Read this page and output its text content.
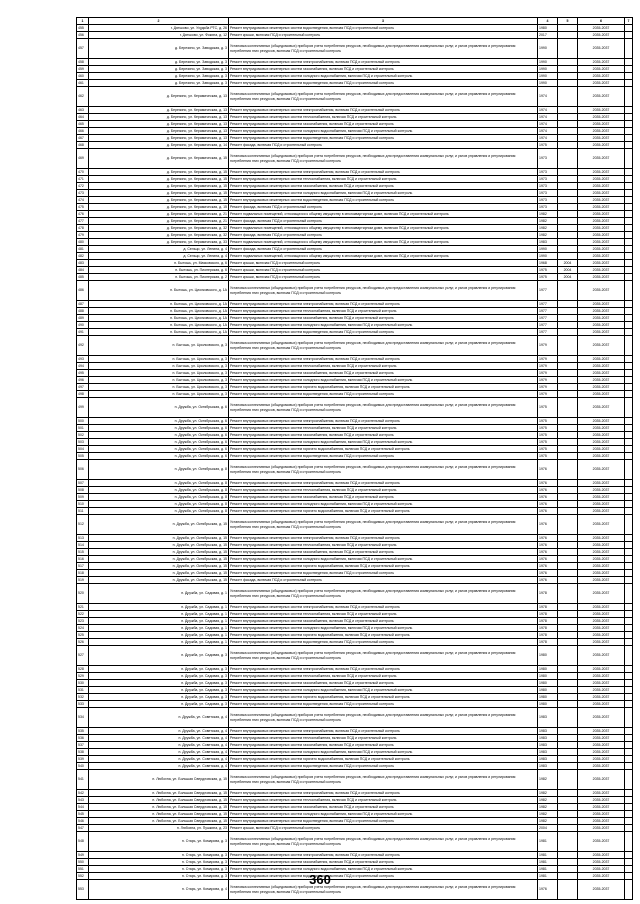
1	2	3	4	5	6	7
455	г. Дятьково, ул. Ухудьба РТС, д. 26	Ремонт внутридомовых инженерных систем водоотведения, включая ПСД и строительный контроль	1980		2035-2037	
456	г. Дятьково, ул. Фокина, д. 12	Ремонт крыши, включая ПСД и строительный контроль	2017		2035-2037	
457	д. Березино, ул. Заводская, д. 3	Установка коллективных (общедомовых) приборов учета потребления ресурсов, необходимых для предоставления коммунальных услуг, и узлов управления и регулирования потребления этих ресурсов, включая ПСД и строительный контроль	1990		2035-2037	
458	д. Березино, ул. Заводская, д. 3	Ремонт внутридомовых инженерных систем электроснабжения, включая ПСД и строительный контроль	1990		2035-2037	
459	д. Березино, ул. Заводская, д. 3	Ремонт внутридомовых инженерных систем газоснабжения, включая ПСД и строительный контроль	1990		2035-2037	
460	д. Березино, ул. Заводская, д. 3	Ремонт внутридомовых инженерных систем холодного водоснабжения, включая ПСД и строительный контроль	1990		2035-2037	
461	д. Березино, ул. Заводская, д. 3	Ремонт внутридомовых инженерных систем водоотведения, включая ПСД и строительный контроль	1990		2035-2037	
462	д. Березино, ул. Керамическая, д. 13	Установка коллективных (общедомовых) приборов учета потребления ресурсов, необходимых для предоставления коммунальных услуг, и узлов управления и регулирования потребления этих ресурсов, включая ПСД и строительный контроль	1974		2035-2037	
463	д. Березино, ул. Керамическая, д. 13	Ремонт внутридомовых инженерных систем электроснабжения, включая ПСД и строительный контроль	1974		2035-2037	
464	д. Березино, ул. Керамическая, д. 13	Ремонт внутридомовых инженерных систем теплоснабжения, включая ПСД и строительный контроль	1974		2035-2037	
465	д. Березино, ул. Керамическая, д. 13	Ремонт внутридомовых инженерных систем газоснабжения, включая ПСД и строительный контроль	1974		2035-2037	
466	д. Березино, ул. Керамическая, д. 13	Ремонт внутридомовых инженерных систем холодного водоснабжения, включая ПСД и строительный контроль	1974		2035-2037	
467	д. Березино, ул. Керамическая, д. 13	Ремонт внутридомовых инженерных систем водоотведения, включая ПСД и строительный контроль	1974		2035-2037	
468	д. Березино, ул. Керамическая, д. 14	Ремонт фасада, включая ПСД и строительный контроль	1975		2035-2037	
469	д. Березино, ул. Керамическая, д. 15	Установка коллективных (общедомовых) приборов учета потребления ресурсов, необходимых для предоставления коммунальных услуг, и узлов управления и регулирования потребления этих ресурсов, включая ПСД и строительный контроль	1973		2035-2037	
470	д. Березино, ул. Керамическая, д. 15	Ремонт внутридомовых инженерных систем электроснабжения, включая ПСД и строительный контроль	1973		2035-2037	
471	д. Березино, ул. Керамическая, д. 15	Ремонт внутридомовых инженерных систем теплоснабжения, включая ПСД и строительный контроль	1973		2035-2037	
472	д. Березино, ул. Керамическая, д. 15	Ремонт внутридомовых инженерных систем газоснабжения, включая ПСД и строительный контроль	1973		2035-2037	
473	д. Березино, ул. Керамическая, д. 15	Ремонт внутридомовых инженерных систем холодного водоснабжения, включая ПСД и строительный контроль	1973		2035-2037	
474	д. Березино, ул. Керамическая, д. 15	Ремонт внутридомовых инженерных систем водоотведения, включая ПСД и строительный контроль	1973		2035-2037	
475	д. Березино, ул. Керамическая, д. 15	Ремонт фасада, включая ПСД и строительный контроль	1973		2035-2037	
476	д. Березино, ул. Керамическая, д. 21	Ремонт подвальных помещений, относящихся к общему имуществу в многоквартирном доме, включая ПСД и строительный контроль	1982		2035-2037	
477	д. Березино, ул. Керамическая, д. 21	Ремонт фасада, включая ПСД и строительный контроль	1982		2035-2037	
478	д. Березино, ул. Керамическая, д. 32	Ремонт подвальных помещений, относящихся к общему имуществу в многоквартирном доме, включая ПСД и строительный контроль	1982		2035-2037	
479	д. Березино, ул. Керамическая, д. 32	Ремонт фасада, включая ПСД и строительный контроль	1982		2035-2037	
480	д. Березино, ул. Керамическая, д. 33	Ремонт подвальных помещений, относящихся к общему имуществу в многоквартирном доме, включая ПСД и строительный контроль	1983		2035-2037	
481	д. Сельцо, ул. Ленина, д. 4	Ремонт фасада, включая ПСД и строительный контроль	1990		2035-2037	
482	д. Сельцо, ул. Ленина, д. 4	Ремонт подвальных помещений, относящихся к общему имуществу в многоквартирном доме, включая ПСД и строительный контроль	1990		2035-2037	
483	п. Бытошь, ул. Маяковского, д. 6	Ремонт крыши, включая ПСД и строительный контроль	1968	2004	2035-2037	
484	п. Бытошь, ул. Пионерская, д. 6	Ремонт крыши, включая ПСД и строительный контроль	1975	2004	2035-2037	
485	п. Бытошь, ул. Пионерская, д. 2	Ремонт крыши, включая ПСД и строительный контроль	1975	2004	2035-2037	
486	п. Бытошь, ул. Циолковского, д. 1А	Установка коллективных (общедомовых) приборов учета потребления ресурсов, необходимых для предоставления коммунальных услуг, и узлов управления и регулирования потребления этих ресурсов, включая ПСД и строительный контроль	1977		2035-2037	
487	п. Бытошь, ул. Циолковского, д. 1А	Ремонт внутридомовых инженерных систем электроснабжения, включая ПСД и строительный контроль	1977		2035-2037	
488	п. Бытошь, ул. Циолковского, д. 1А	Ремонт внутридомовых инженерных систем теплоснабжения, включая ПСД и строительный контроль	1977		2035-2037	
489	п. Бытошь, ул. Циолковского, д. 1А	Ремонт внутридомовых инженерных систем газоснабжения, включая ПСД и строительный контроль	1977		2035-2037	
490	п. Бытошь, ул. Циолковского, д. 1А	Ремонт внутридомовых инженерных систем холодного водоснабжения, включая ПСД и строительный контроль	1977		2035-2037	
491	п. Бытошь, ул. Циолковского, д. 1А	Ремонт внутридомовых инженерных систем водоотведения, включая ПСД и строительный контроль	1977		2035-2037	
492	п. Бытошь, ул. Циолковского, д. 3	Установка коллективных (общедомовых) приборов учета потребления ресурсов, необходимых для предоставления коммунальных услуг, и узлов управления и регулирования потребления этих ресурсов, включая ПСД и строительный контроль	1979		2035-2037	
493	п. Бытошь, ул. Циолковского, д. 3	Ремонт внутридомовых инженерных систем электроснабжения, включая ПСД и строительный контроль	1979		2035-2037	
494	п. Бытошь, ул. Циолковского, д. 3	Ремонт внутридомовых инженерных систем теплоснабжения, включая ПСД и строительный контроль	1979		2035-2037	
495	п. Бытошь, ул. Циолковского, д. 3	Ремонт внутридомовых инженерных систем газоснабжения, включая ПСД и строительный контроль	1979		2035-2037	
496	п. Бытошь, ул. Циолковского, д. 3	Ремонт внутридомовых инженерных систем холодного водоснабжения, включая ПСД и строительный контроль	1979		2035-2037	
497	п. Бытошь, ул. Циолковского, д. 3	Ремонт внутридомовых инженерных систем горячего водоснабжения, включая ПСД и строительный контроль	1979		2035-2037	
498	п. Бытошь, ул. Циолковского, д. 3	Ремонт внутридомовых инженерных систем водоотведения, включая ПСД и строительный контроль	1979		2035-2037	
499	п. Дружба, ул. Октябрьская, д. 6	Установка коллективных (общедомовых) приборов учета потребления ресурсов, необходимых для предоставления коммунальных услуг, и узлов управления и регулирования потребления этих ресурсов, включая ПСД и строительный контроль	1975		2035-2037	
500	п. Дружба, ул. Октябрьская, д. 6	Ремонт внутридомовых инженерных систем электроснабжения, включая ПСД и строительный контроль	1975		2035-2037	
501	п. Дружба, ул. Октябрьская, д. 6	Ремонт внутридомовых инженерных систем теплоснабжения, включая ПСД и строительный контроль	1975		2035-2037	
502	п. Дружба, ул. Октябрьская, д. 6	Ремонт внутридомовых инженерных систем газоснабжения, включая ПСД и строительный контроль	1975		2035-2037	
503	п. Дружба, ул. Октябрьская, д. 6	Ремонт внутридомовых инженерных систем холодного водоснабжения, включая ПСД и строительный контроль	1975		2035-2037	
504	п. Дружба, ул. Октябрьская, д. 6	Ремонт внутридомовых инженерных систем горячего водоснабжения, включая ПСД и строительный контроль	1975		2035-2037	
505	п. Дружба, ул. Октябрьская, д. 6	Ремонт внутридомовых инженерных систем водоотведения, включая ПСД и строительный контроль	1975		2035-2037	
506	п. Дружба, ул. Октябрьская, д. 8	Установка коллективных (общедомовых) приборов учета потребления ресурсов, необходимых для предоставления коммунальных услуг, и узлов управления и регулирования потребления этих ресурсов, включая ПСД и строительный контроль	1976		2035-2037	
507	п. Дружба, ул. Октябрьская, д. 8	Ремонт внутридомовых инженерных систем электроснабжения, включая ПСД и строительный контроль	1976		2035-2037	
508	п. Дружба, ул. Октябрьская, д. 8	Ремонт внутридомовых инженерных систем теплоснабжения, включая ПСД и строительный контроль	1976		2035-2037	
509	п. Дружба, ул. Октябрьская, д. 8	Ремонт внутридомовых инженерных систем газоснабжения, включая ПСД и строительный контроль	1976		2035-2037	
510	п. Дружба, ул. Октябрьская, д. 8	Ремонт внутридомовых инженерных систем холодного водоснабжения, включая ПСД и строительный контроль	1976		2035-2037	
511	п. Дружба, ул. Октябрьская, д. 8	Ремонт внутридомовых инженерных систем горячего водоснабжения, включая ПСД и строительный контроль	1976		2035-2037	
512	п. Дружба, ул. Октябрьская, д. 15	Установка коллективных (общедомовых) приборов учета потребления ресурсов, необходимых для предоставления коммунальных услуг, и узлов управления и регулирования потребления этих ресурсов, включая ПСД и строительный контроль	1976		2035-2037	
513	п. Дружба, ул. Октябрьская, д. 15	Ремонт внутридомовых инженерных систем электроснабжения, включая ПСД и строительный контроль	1976		2035-2037	
514	п. Дружба, ул. Октябрьская, д. 15	Ремонт внутридомовых инженерных систем теплоснабжения, включая ПСД и строительный контроль	1976		2035-2037	
515	п. Дружба, ул. Октябрьская, д. 15	Ремонт внутридомовых инженерных систем газоснабжения, включая ПСД и строительный контроль	1976		2035-2037	
516	п. Дружба, ул. Октябрьская, д. 15	Ремонт внутридомовых инженерных систем холодного водоснабжения, включая ПСД и строительный контроль	1976		2035-2037	
517	п. Дружба, ул. Октябрьская, д. 15	Ремонт внутридомовых инженерных систем горячего водоснабжения, включая ПСД и строительный контроль	1976		2035-2037	
518	п. Дружба, ул. Октябрьская, д. 15	Ремонт внутридомовых инженерных систем водоотведения, включая ПСД и строительный контроль	1976		2035-2037	
519	п. Дружба, ул. Октябрьская, д. 15	Ремонт фасада, включая ПСД и строительный контроль	1976		2035-2037	
520	п. Дружба, ул. Садовая, д. 1	Установка коллективных (общедомовых) приборов учета потребления ресурсов, необходимых для предоставления коммунальных услуг, и узлов управления и регулирования потребления этих ресурсов, включая ПСД и строительный контроль	1978		2035-2037	
521	п. Дружба, ул. Садовая, д. 1	Ремонт внутридомовых инженерных систем электроснабжения, включая ПСД и строительный контроль	1978		2035-2037	
522	п. Дружба, ул. Садовая, д. 1	Ремонт внутридомовых инженерных систем теплоснабжения, включая ПСД и строительный контроль	1978		2035-2037	
523	п. Дружба, ул. Садовая, д. 1	Ремонт внутридомовых инженерных систем газоснабжения, включая ПСД и строительный контроль	1978		2035-2037	
524	п. Дружба, ул. Садовая, д. 1	Ремонт внутридомовых инженерных систем холодного водоснабжения, включая ПСД и строительный контроль	1978		2035-2037	
525	п. Дружба, ул. Садовая, д. 1	Ремонт внутридомовых инженерных систем горячего водоснабжения, включая ПСД и строительный контроль	1978		2035-2037	
526	п. Дружба, ул. Садовая, д. 1	Ремонт внутридомовых инженерных систем водоотведения, включая ПСД и строительный контроль	1978		2035-2037	
527	п. Дружба, ул. Садовая, д. 3	Установка коллективных (общедомовых) приборов учета потребления ресурсов, необходимых для предоставления коммунальных услуг, и узлов управления и регулирования потребления этих ресурсов, включая ПСД и строительный контроль	1980		2035-2037	
528	п. Дружба, ул. Садовая, д. 3	Ремонт внутридомовых инженерных систем электроснабжения, включая ПСД и строительный контроль	1980		2035-2037	
529	п. Дружба, ул. Садовая, д. 3	Ремонт внутридомовых инженерных систем теплоснабжения, включая ПСД и строительный контроль	1980		2035-2037	
530	п. Дружба, ул. Садовая, д. 3	Ремонт внутридомовых инженерных систем газоснабжения, включая ПСД и строительный контроль	1980		2035-2037	
531	п. Дружба, ул. Садовая, д. 3	Ремонт внутридомовых инженерных систем холодного водоснабжения, включая ПСД и строительный контроль	1980		2035-2037	
532	п. Дружба, ул. Садовая, д. 3	Ремонт внутридомовых инженерных систем горячего водоснабжения, включая ПСД и строительный контроль	1980		2035-2037	
533	п. Дружба, ул. Садовая, д. 3	Ремонт внутридомовых инженерных систем водоотведения, включая ПСД и строительный контроль	1980		2035-2037	
534	п. Дружба, ул. Советская, д. 4	Установка коллективных (общедомовых) приборов учета потребления ресурсов, необходимых для предоставления коммунальных услуг, и узлов управления и регулирования потребления этих ресурсов, включая ПСД и строительный контроль	1983		2035-2037	
535	п. Дружба, ул. Советская, д. 4	Ремонт внутридомовых инженерных систем электроснабжения, включая ПСД и строительный контроль	1983		2035-2037	
536	п. Дружба, ул. Советская, д. 4	Ремонт внутридомовых инженерных систем теплоснабжения, включая ПСД и строительный контроль	1983		2035-2037	
537	п. Дружба, ул. Советская, д. 4	Ремонт внутридомовых инженерных систем газоснабжения, включая ПСД и строительный контроль	1983		2035-2037	
538	п. Дружба, ул. Советская, д. 4	Ремонт внутридомовых инженерных систем холодного водоснабжения, включая ПСД и строительный контроль	1983		2035-2037	
539	п. Дружба, ул. Советская, д. 4	Ремонт внутридомовых инженерных систем горячего водоснабжения, включая ПСД и строительный контроль	1983		2035-2037	
540	п. Дружба, ул. Советская, д. 4	Ремонт внутридомовых инженерных систем водоотведения, включая ПСД и строительный контроль	1983		2035-2037	
541	п. Любохна, ул. Большая Свердловская, д. 15	Установка коллективных (общедомовых) приборов учета потребления ресурсов, необходимых для предоставления коммунальных услуг, и узлов управления и регулирования потребления этих ресурсов, включая ПСД и строительный контроль	1982		2035-2037	
542	п. Любохна, ул. Большая Свердловская, д. 15	Ремонт внутридомовых инженерных систем электроснабжения, включая ПСД и строительный контроль	1982		2035-2037	
543	п. Любохна, ул. Большая Свердловская, д. 15	Ремонт внутридомовых инженерных систем теплоснабжения, включая ПСД и строительный контроль	1982		2035-2037	
544	п. Любохна, ул. Большая Свердловская, д. 15	Ремонт внутридомовых инженерных систем газоснабжения, включая ПСД и строительный контроль	1982		2035-2037	
545	п. Любохна, ул. Большая Свердловская, д. 15	Ремонт внутридомовых инженерных систем холодного водоснабжения, включая ПСД и строительный контроль	1982		2035-2037	
546	п. Любохна, ул. Большая Свердловская, д. 15	Ремонт внутридомовых инженерных систем водоотведения, включая ПСД и строительный контроль	1982		2035-2037	
547	п. Любохна, ул. Пушкина, д. 23	Ремонт крыши, включая ПСД и строительный контроль	2004		2035-2037	
548	п. Старь, ул. Комарова, д. 3	Установка коллективных (общедомовых) приборов учета потребления ресурсов, необходимых для предоставления коммунальных услуг, и узлов управления и регулирования потребления этих ресурсов, включая ПСД и строительный контроль	1981		2035-2037	
549	п. Старь, ул. Комарова, д. 3	Ремонт внутридомовых инженерных систем электроснабжения, включая ПСД и строительный контроль	1981		2035-2037	
550	п. Старь, ул. Комарова, д. 3	Ремонт внутридомовых инженерных систем газоснабжения, включая ПСД и строительный контроль	1981		2035-2037	
551	п. Старь, ул. Комарова, д. 3	Ремонт внутридомовых инженерных систем холодного водоснабжения, включая ПСД и строительный контроль	1981		2035-2037	
552	п. Старь, ул. Комарова, д. 3	Ремонт внутридомовых инженерных систем водоотведения, включая ПСД и строительный контроль	1981		2035-2037	
553	п. Старь, ул. Комарова, д. 4	Установка коллективных (общедомовых) приборов учета потребления ресурсов, необходимых для предоставления коммунальных услуг, и узлов управления и регулирования потребления этих ресурсов, включая ПСД и строительный контроль	1976		2035-2037	
360
